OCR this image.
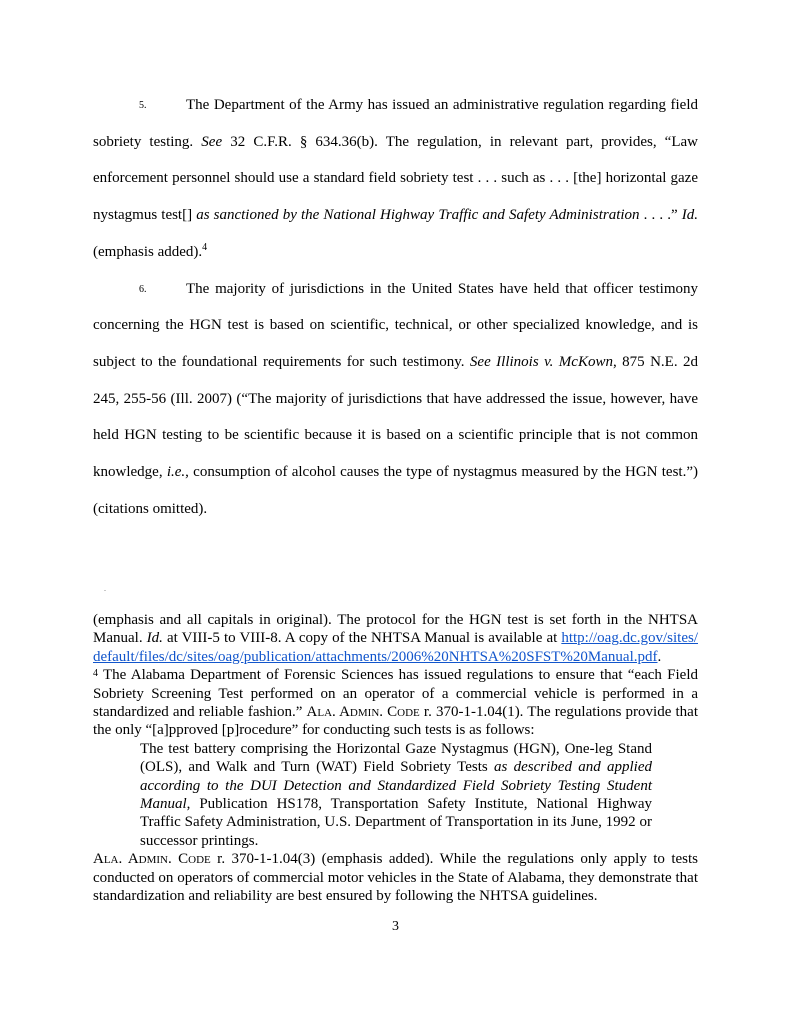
5.	The Department of the Army has issued an administrative regulation regarding field sobriety testing. See 32 C.F.R. § 634.36(b). The regulation, in relevant part, provides, “Law enforcement personnel should use a standard field sobriety test . . . such as . . . [the] horizontal gaze nystagmus test[] as sanctioned by the National Highway Traffic and Safety Administration . . . .” Id. (emphasis added).$^4$

6.	The majority of jurisdictions in the United States have held that officer testimony concerning the HGN test is based on scientific, technical, or other specialized knowledge, and is subject to the foundational requirements for such testimony. See Illinois v. McKown, 875 N.E. 2d 245, 255-56 (Ill. 2007) (“The majority of jurisdictions that have addressed the issue, however, have held HGN testing to be scientific because it is based on a scientific principle that is not common knowledge, i.e., consumption of alcohol causes the type of nystagmus measured by the HGN test.”) (citations omitted).

(emphasis and all capitals in original). The protocol for the HGN test is set forth in the NHTSA Manual. Id. at VIII-5 to VIII-8. A copy of the NHTSA Manual is available at http://oag.dc.gov/sites/default/files/dc/sites/oag/publication/attachments/2006%20NHTSA%20SFST%20Manual.pdf.

$^4$ The Alabama Department of Forensic Sciences has issued regulations to ensure that “each Field Sobriety Screening Test performed on an operator of a commercial vehicle is performed in a standardized and reliable fashion.” Ala. Admin. Code r. 370-1-1.04(1). The regulations provide that the only “[a]pproved [p]rocedure” for conducting such tests is as follows:

The test battery comprising the Horizontal Gaze Nystagmus (HGN), One-leg Stand (OLS), and Walk and Turn (WAT) Field Sobriety Tests as described and applied according to the DUI Detection and Standardized Field Sobriety Testing Student Manual, Publication HS178, Transportation Safety Institute, National Highway Traffic Safety Administration, U.S. Department of Transportation in its June, 1992 or successor printings.

Ala. Admin. Code r. 370-1-1.04(3) (emphasis added). While the regulations only apply to tests conducted on operators of commercial motor vehicles in the State of Alabama, they demonstrate that standardization and reliability are best ensured by following the NHTSA guidelines.

3
